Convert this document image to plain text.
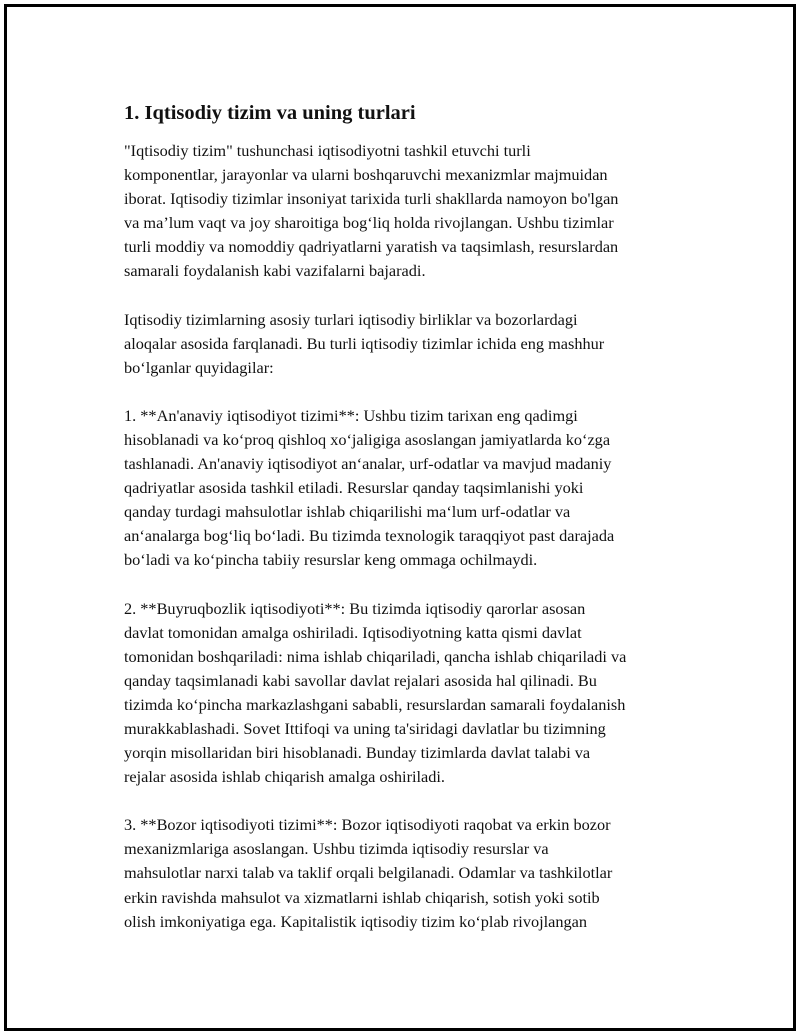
1. Iqtisodiy tizim va uning turlari
"Iqtisodiy tizim" tushunchasi iqtisodiyotni tashkil etuvchi turli
komponentlar, jarayonlar va ularni boshqaruvchi mexanizmlar majmuidan
iborat. Iqtisodiy tizimlar insoniyat tarixida turli shakllarda namoyon bo'lgan
va ma’lum vaqt va joy sharoitiga bog‘liq holda rivojlangan. Ushbu tizimlar
turli moddiy va nomoddiy qadriyatlarni yaratish va taqsimlash, resurslardan
samarali foydalanish kabi vazifalarni bajaradi.
Iqtisodiy tizimlarning asosiy turlari iqtisodiy birliklar va bozorlardagi
aloqalar asosida farqlanadi. Bu turli iqtisodiy tizimlar ichida eng mashhur
bo‘lganlar quyidagilar:
1. **An'anaviy iqtisodiyot tizimi**: Ushbu tizim tarixan eng qadimgi
hisoblanadi va ko‘proq qishloq xo‘jaligiga asoslangan jamiyatlarda ko‘zga
tashlanadi. An'anaviy iqtisodiyot an‘analar, urf-odatlar va mavjud madaniy
qadriyatlar asosida tashkil etiladi. Resurslar qanday taqsimlanishi yoki
qanday turdagi mahsulotlar ishlab chiqarilishi ma‘lum urf-odatlar va
an‘analarga bog‘liq bo‘ladi. Bu tizimda texnologik taraqqiyot past darajada
bo‘ladi va ko‘pincha tabiiy resurslar keng ommaga ochilmaydi.
2. **Buyruqbozlik iqtisodiyoti**: Bu tizimda iqtisodiy qarorlar asosan
davlat tomonidan amalga oshiriladi. Iqtisodiyotning katta qismi davlat
tomonidan boshqariladi: nima ishlab chiqariladi, qancha ishlab chiqariladi va
qanday taqsimlanadi kabi savollar davlat rejalari asosida hal qilinadi. Bu
tizimda ko‘pincha markazlashgani sababli, resurslardan samarali foydalanish
murakkablashadi. Sovet Ittifoqi va uning ta'siridagi davlatlar bu tizimning
yorqin misollaridan biri hisoblanadi. Bunday tizimlarda davlat talabi va
rejalar asosida ishlab chiqarish amalga oshiriladi.
3. **Bozor iqtisodiyoti tizimi**: Bozor iqtisodiyoti raqobat va erkin bozor
mexanizmlariga asoslangan. Ushbu tizimda iqtisodiy resurslar va
mahsulotlar narxi talab va taklif orqali belgilanadi. Odamlar va tashkilotlar
erkin ravishda mahsulot va xizmatlarni ishlab chiqarish, sotish yoki sotib
olish imkoniyatiga ega. Kapitalistik iqtisodiy tizim ko‘plab rivojlangan
